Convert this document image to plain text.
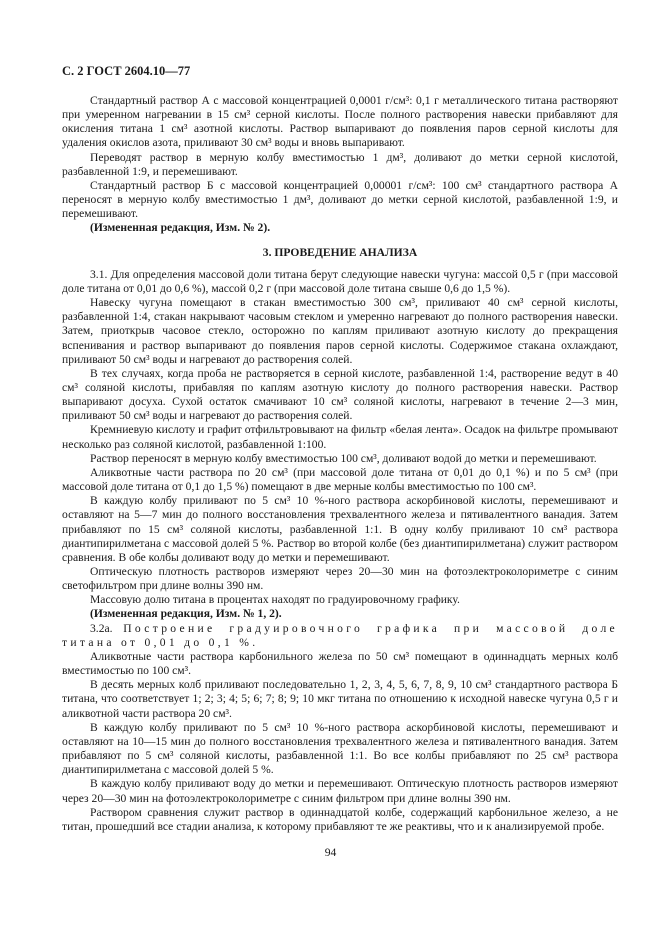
С. 2 ГОСТ 2604.10—77

Стандартный раствор А с массовой концентрацией 0,0001 г/см³: 0,1 г металлического титана растворяют при умеренном нагревании в 15 см³ серной кислоты. После полного растворения навески прибавляют для окисления титана 1 см³ азотной кислоты. Раствор выпаривают до появления паров серной кислоты для удаления окислов азота, приливают 30 см³ воды и вновь выпаривают.

Переводят раствор в мерную колбу вместимостью 1 дм³, доливают до метки серной кислотой, разбавленной 1:9, и перемешивают.

Стандартный раствор Б с массовой концентрацией 0,00001 г/см³: 100 см³ стандартного раствора А переносят в мерную колбу вместимостью 1 дм³, доливают до метки серной кислотой, разбавленной 1:9, и перемешивают.

(Измененная редакция, Изм. № 2).

3. ПРОВЕДЕНИЕ АНАЛИЗА

3.1. Для определения массовой доли титана берут следующие навески чугуна: массой 0,5 г (при массовой доле титана от 0,01 до 0,6 %), массой 0,2 г (при массовой доле титана свыше 0,6 до 1,5 %).

Навеску чугуна помещают в стакан вместимостью 300 см³, приливают 40 см³ серной кислоты, разбавленной 1:4, стакан накрывают часовым стеклом и умеренно нагревают до полного растворения навески. Затем, приоткрыв часовое стекло, осторожно по каплям приливают азотную кислоту до прекращения вспенивания и раствор выпаривают до появления паров серной кислоты. Содержимое стакана охлаждают, приливают 50 см³ воды и нагревают до растворения солей.

В тех случаях, когда проба не растворяется в серной кислоте, разбавленной 1:4, растворение ведут в 40 см³ соляной кислоты, прибавляя по каплям азотную кислоту до полного растворения навески. Раствор выпаривают досуха. Сухой остаток смачивают 10 см³ соляной кислоты, нагревают в течение 2—3 мин, приливают 50 см³ воды и нагревают до растворения солей.

Кремниевую кислоту и графит отфильтровывают на фильтр «белая лента». Осадок на фильтре промывают несколько раз соляной кислотой, разбавленной 1:100.

Раствор переносят в мерную колбу вместимостью 100 см³, доливают водой до метки и перемешивают.

Аликвотные части раствора по 20 см³ (при массовой доле титана от 0,01 до 0,1 %) и по 5 см³ (при массовой доле титана от 0,1 до 1,5 %) помещают в две мерные колбы вместимостью по 100 см³.

В каждую колбу приливают по 5 см³ 10 %-ного раствора аскорбиновой кислоты, перемешивают и оставляют на 5—7 мин до полного восстановления трехвалентного железа и пятивалентного ванадия. Затем прибавляют по 15 см³ соляной кислоты, разбавленной 1:1. В одну колбу приливают 10 см³ раствора диантипирилметана с массовой долей 5 %. Раствор во второй колбе (без диантипирилметана) служит раствором сравнения. В обе колбы доливают воду до метки и перемешивают.

Оптическую плотность растворов измеряют через 20—30 мин на фотоэлектроколориметре с синим светофильтром при длине волны 390 нм.

Массовую долю титана в процентах находят по градуировочному графику.

(Измененная редакция, Изм. № 1, 2).

3.2а. Построение градуировочного графика при массовой доле титана от 0,01 до 0,1 %.

Аликвотные части раствора карбонильного железа по 50 см³ помещают в одиннадцать мерных колб вместимостью по 100 см³.

В десять мерных колб приливают последовательно 1, 2, 3, 4, 5, 6, 7, 8, 9, 10 см³ стандартного раствора Б титана, что соответствует 1; 2; 3; 4; 5; 6; 7; 8; 9; 10 мкг титана по отношению к исходной навеске чугуна 0,5 г и аликвотной части раствора 20 см³.

В каждую колбу приливают по 5 см³ 10 %-ного раствора аскорбиновой кислоты, перемешивают и оставляют на 10—15 мин до полного восстановления трехвалентного железа и пятивалентного ванадия. Затем прибавляют по 5 см³ соляной кислоты, разбавленной 1:1. Во все колбы прибавляют по 25 см³ раствора диантипирилметана с массовой долей 5 %.

В каждую колбу приливают воду до метки и перемешивают. Оптическую плотность растворов измеряют через 20—30 мин на фотоэлектроколориметре с синим фильтром при длине волны 390 нм.

Раствором сравнения служит раствор в одиннадцатой колбе, содержащий карбонильное железо, а не титан, прошедший все стадии анализа, к которому прибавляют те же реактивы, что и к анализируемой пробе.

94
